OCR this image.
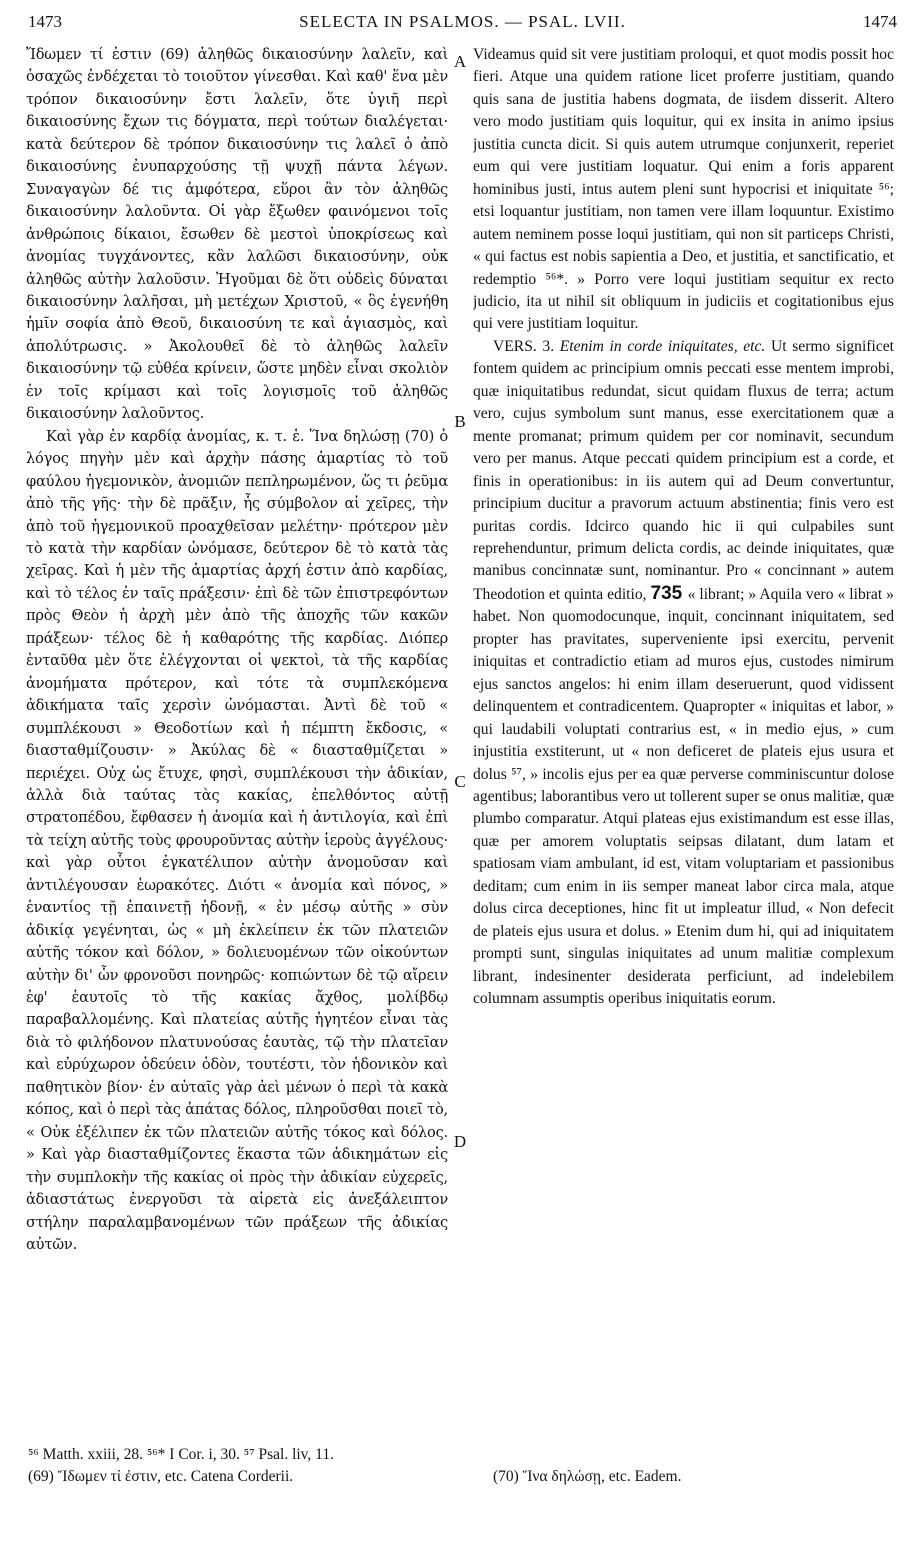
1473	SELECTA IN PSALMOS. — PSAL. LVII.	1474

Ἴδωμεν τί ἐστιν (69) ἀληθῶς δικαιοσύνην λαλεῖν, καὶ ὁσαχῶς ἐνδέχεται τὸ τοιοῦτον γίνεσθαι. Καὶ καθ' ἕνα μὲν τρόπον δικαιοσύνην ἔστι λαλεῖν, ὅτε ὑγιῆ περὶ δικαιοσύνης ἔχων τις δόγματα, περὶ τούτων διαλέγεται· κατὰ δεύτερον δὲ τρόπον δικαιοσύνην τις λαλεῖ ὁ ἀπὸ δικαιοσύνης ἐνυπαρχούσης τῇ ψυχῇ πάντα λέγων. Συναγαγὼν δέ τις ἀμφότερα, εὕροι ἂν τὸν ἀληθῶς δικαιοσύνην λαλοῦντα. Οἱ γὰρ ἔξωθεν φαινόμενοι τοῖς ἀνθρώποις δίκαιοι, ἔσωθεν δὲ μεστοὶ ὑποκρίσεως καὶ ἀνομίας τυγχάνοντες, κἂν λαλῶσι δικαιοσύνην, οὐκ ἀληθῶς αὐτὴν λαλοῦσιν. Ἡγοῦμαι δὲ ὅτι οὐδεὶς δύναται δικαιοσύνην λαλῆσαι, μὴ μετέχων Χριστοῦ, « ὃς ἐγενήθη ἡμῖν σοφία ἀπὸ Θεοῦ, δικαιοσύνη τε καὶ ἁγιασμὸς, καὶ ἀπολύτρωσις. » Ἀκολουθεῖ δὲ τὸ ἀληθῶς λαλεῖν δικαιοσύνην τῷ εὐθέα κρίνειν, ὥστε μηδὲν εἶναι σκολιὸν ἐν τοῖς κρίμασι καὶ τοῖς λογισμοῖς τοῦ ἀληθῶς δικαιοσύνην λαλοῦντος.

Καὶ γὰρ ἐν καρδίᾳ ἀνομίας, κ. τ. ἑ. Ἵνα δηλώσῃ (70) ὁ λόγος πηγὴν μὲν καὶ ἀρχὴν πάσης ἁμαρτίας τὸ τοῦ φαύλου ἡγεμονικὸν, ἀνομιῶν πεπληρωμένον, ὥς τι ῥεῦμα ἀπὸ τῆς γῆς· τὴν δὲ πρᾶξιν, ἧς σύμβολον αἱ χεῖρες, τὴν ἀπὸ τοῦ ἡγεμονικοῦ προαχθεῖσαν μελέτην· πρότερον μὲν τὸ κατὰ τὴν καρδίαν ὠνόμασε, δεύτερον δὲ τὸ κατὰ τὰς χεῖρας. Καὶ ἡ μὲν τῆς ἁμαρτίας ἀρχή ἐστιν ἀπὸ καρδίας, καὶ τὸ τέλος ἐν ταῖς πράξεσιν· ἐπὶ δὲ τῶν ἐπιστρεφόντων πρὸς Θεὸν ἡ ἀρχὴ μὲν ἀπὸ τῆς ἀποχῆς τῶν κακῶν πράξεων· τέλος δὲ ἡ καθαρότης τῆς καρδίας. Διόπερ ἐνταῦθα μὲν ὅτε ἐλέγχονται οἱ ψεκτοὶ, τὰ τῆς καρδίας ἀνομήματα πρότερον, καὶ τότε τὰ συμπλεκόμενα ἀδικήματα ταῖς χερσὶν ὠνόμασται. Ἀντὶ δὲ τοῦ « συμπλέκουσι » Θεοδοτίων καὶ ἡ πέμπτη ἔκδοσις, « διασταθμίζουσιν· » Ἀκύλας δὲ « διασταθμίζεται » περιέχει. Οὐχ ὡς ἔτυχε, φησὶ, συμπλέκουσι τὴν ἀδικίαν, ἀλλὰ διὰ ταύτας τὰς κακίας, ἐπελθόντος αὐτῇ στρατοπέδου, ἔφθασεν ἡ ἀνομία καὶ ἡ ἀντιλογία, καὶ ἐπὶ τὰ τείχη αὐτῆς τοὺς φρουροῦντας αὐτὴν ἱεροὺς ἀγγέλους· καὶ γὰρ οὗτοι ἐγκατέλιπον αὐτὴν ἀνομοῦσαν καὶ ἀντιλέγουσαν ἑωρακότες. Διότι « ἀνομία καὶ πόνος, » ἐναντίος τῇ ἐπαινετῇ ἡδονῇ, « ἐν μέσῳ αὐτῆς » σὺν ἀδικίᾳ γεγένηται, ὡς « μὴ ἐκλείπειν ἐκ τῶν πλατειῶν αὐτῆς τόκον καὶ δόλον, » δολιευομένων τῶν οἰκούντων αὐτὴν δι' ὧν φρονοῦσι πονηρῶς· κοπιώντων δὲ τῷ αἴρειν ἐφ' ἑαυτοῖς τὸ τῆς κακίας ἄχθος, μολίβδῳ παραβαλλομένης. Καὶ πλατείας αὐτῆς ἡγητέον εἶναι τὰς διὰ τὸ φιλήδονον πλατυνούσας ἑαυτὰς, τῷ τὴν πλατεῖαν καὶ εὐρύχωρον ὁδεύειν ὁδὸν, τουτέστι, τὸν ἡδονικὸν καὶ παθητικὸν βίον· ἐν αὐταῖς γὰρ ἀεὶ μένων ὁ περὶ τὰ κακὰ κόπος, καὶ ὁ περὶ τὰς ἀπάτας δόλος, πληροῦσθαι ποιεῖ τὸ, « Οὐκ ἐξέλιπεν ἐκ τῶν πλατειῶν αὐτῆς τόκος καὶ δόλος. » Καὶ γὰρ διασταθμίζοντες ἕκαστα τῶν ἀδικημάτων εἰς τὴν συμπλοκὴν τῆς κακίας οἱ πρὸς τὴν ἀδικίαν εὐχερεῖς, ἀδιαστάτως ἐνεργοῦσι τὰ αἱρετὰ εἰς ἀνεξάλειπτον στήλην παραλαμβανομένων τῶν πράξεων τῆς ἀδικίας αὐτῶν.

A
B
C
D

Videamus quid sit vere justitiam proloqui, et quot modis possit hoc fieri. Atque una quidem ratione licet proferre justitiam, quando quis sana de justitia habens dogmata, de iisdem disserit. Altero vero modo justitiam quis loquitur, qui ex insita in animo ipsius justitia cuncta dicit. Si quis autem utrumque conjunxerit, reperiet eum qui vere justitiam loquatur. Qui enim a foris apparent hominibus justi, intus autem pleni sunt hypocrisi et iniquitate ⁵⁶; etsi loquantur justitiam, non tamen vere illam loquuntur. Existimo autem neminem posse loqui justitiam, qui non sit particeps Christi, « qui factus est nobis sapientia a Deo, et justitia, et sanctificatio, et redemptio ⁵⁶*. » Porro vere loqui justitiam sequitur ex recto judicio, ita ut nihil sit obliquum in judiciis et cogitationibus ejus qui vere justitiam loquitur.

VERS. 3. Etenim in corde iniquitates, etc. Ut sermo significet fontem quidem ac principium omnis peccati esse mentem improbi, quæ iniquitatibus redundat, sicut quidam fluxus de terra; actum vero, cujus symbolum sunt manus, esse exercitationem quæ a mente promanat; primum quidem per cor nominavit, secundum vero per manus. Atque peccati quidem principium est a corde, et finis in operationibus: in iis autem qui ad Deum convertuntur, principium ducitur a pravorum actuum abstinentia; finis vero est puritas cordis. Idcirco quando hic ii qui culpabiles sunt reprehenduntur, primum delicta cordis, ac deinde iniquitates, quæ manibus concinnatæ sunt, nominantur. Pro « concinnant » autem Theodotion et quinta editio, 735 « librant; » Aquila vero « librat » habet. Non quomodocunque, inquit, concinnant iniquitatem, sed propter has pravitates, superveniente ipsi exercitu, pervenit iniquitas et contradictio etiam ad muros ejus, custodes nimirum ejus sanctos angelos: hi enim illam deseruerunt, quod vidissent delinquentem et contradicentem. Quapropter « iniquitas et labor, » qui laudabili voluptati contrarius est, « in medio ejus, » cum injustitia exstiterunt, ut « non deficeret de plateis ejus usura et dolus ⁵⁷, » incolis ejus per ea quæ perverse comminiscuntur dolose agentibus; laborantibus vero ut tollerent super se onus malitiæ, quæ plumbo comparatur. Atqui plateas ejus existimandum est esse illas, quæ per amorem voluptatis seipsas dilatant, dum latam et spatiosam viam ambulant, id est, vitam voluptariam et passionibus deditam; cum enim in iis semper maneat labor circa mala, atque dolus circa deceptiones, hinc fit ut impleatur illud, « Non defecit de plateis ejus usura et dolus. » Etenim dum hi, qui ad iniquitatem prompti sunt, singulas iniquitates ad unum malitiæ complexum librant, indesinenter desiderata perficiunt, ad indelebilem columnam assumptis operibus iniquitatis eorum.

⁵⁶ Matth. xxiii, 28. ⁵⁶* I Cor. i, 30. ⁵⁷ Psal. liv, 11.
(69) Ἴδωμεν τί ἐστιν, etc. Catena Corderii.	(70) Ἵνα δηλώσῃ, etc. Eadem.
